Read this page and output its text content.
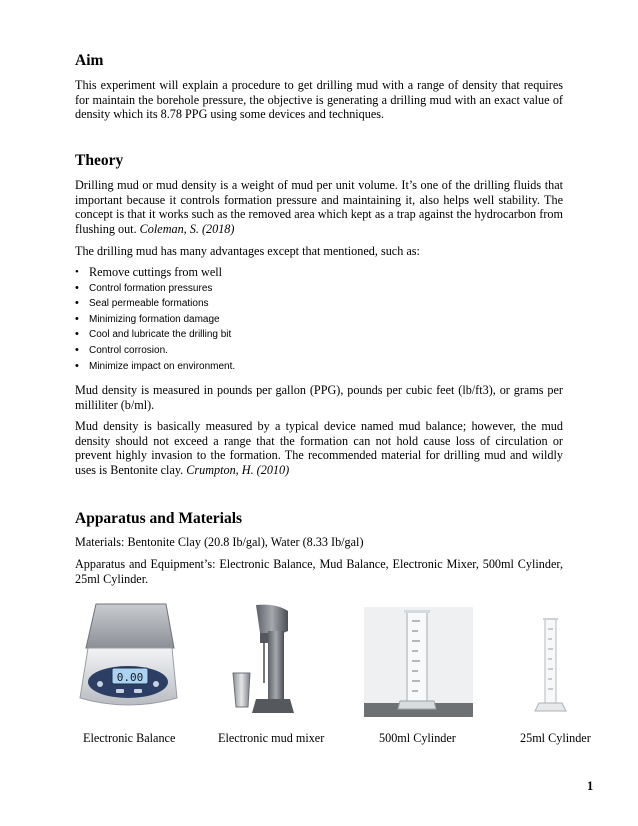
Aim

This experiment will explain a procedure to get drilling mud with a range of density that requires for maintain the borehole pressure, the objective is generating a drilling mud with an exact value of density which its 8.78 PPG using some devices and techniques.

Theory

Drilling mud or mud density is a weight of mud per unit volume. It’s one of the drilling fluids that important because it controls formation pressure and maintaining it, also helps well stability. The concept is that it works such as the removed area which kept as a trap against the hydrocarbon from flushing out. Coleman, S. (2018)

The drilling mud has many advantages except that mentioned, such as:

• Remove cuttings from well
• Control formation pressures
• Seal permeable formations
• Minimizing formation damage
• Cool and lubricate the drilling bit
• Control corrosion.
• Minimize impact on environment.

Mud density is measured in pounds per gallon (PPG), pounds per cubic feet (lb/ft3), or grams per milliliter (b/ml).

Mud density is basically measured by a typical device named mud balance; however, the mud density should not exceed a range that the formation can not hold cause loss of circulation or prevent highly invasion to the formation. The recommended material for drilling mud and wildly uses is Bentonite clay. Crumpton, H. (2010)

Apparatus and Materials

Materials: Bentonite Clay (20.8 Ib/gal), Water (8.33 Ib/gal)

Apparatus and Equipment’s: Electronic Balance, Mud Balance, Electronic Mixer, 500ml Cylinder, 25ml Cylinder.

0.00
Electronic Balance	Electronic mud mixer	500ml Cylinder	25ml Cylinder
1
